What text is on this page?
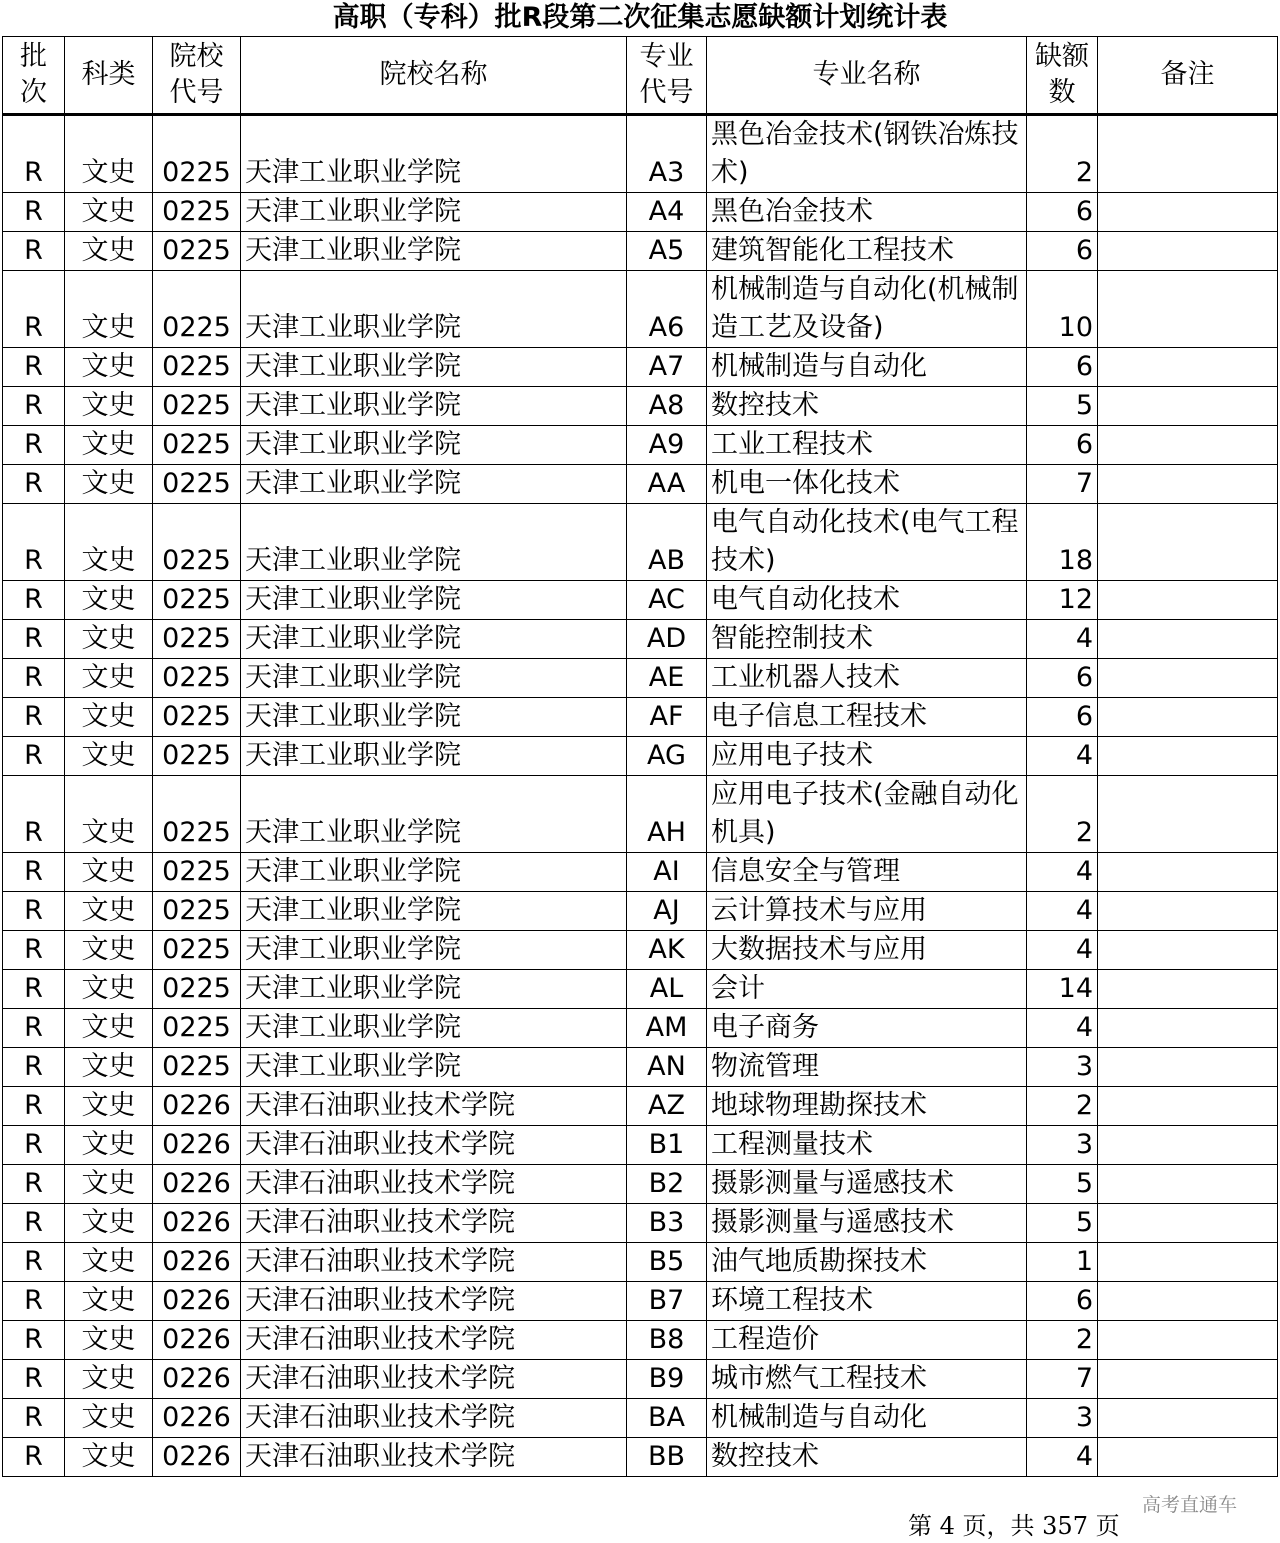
高职（专科）批R段第二次征集志愿缺额计划统计表
批次	科类	院校代号	院校名称	专业代号	专业名称	缺额数	备注
R	文史	0225	天津工业职业学院	A3	黑色冶金技术(钢铁冶炼技术)	2	
R	文史	0225	天津工业职业学院	A4	黑色冶金技术	6	
R	文史	0225	天津工业职业学院	A5	建筑智能化工程技术	6	
R	文史	0225	天津工业职业学院	A6	机械制造与自动化(机械制造工艺及设备)	10	
R	文史	0225	天津工业职业学院	A7	机械制造与自动化	6	
R	文史	0225	天津工业职业学院	A8	数控技术	5	
R	文史	0225	天津工业职业学院	A9	工业工程技术	6	
R	文史	0225	天津工业职业学院	AA	机电一体化技术	7	
R	文史	0225	天津工业职业学院	AB	电气自动化技术(电气工程技术)	18	
R	文史	0225	天津工业职业学院	AC	电气自动化技术	12	
R	文史	0225	天津工业职业学院	AD	智能控制技术	4	
R	文史	0225	天津工业职业学院	AE	工业机器人技术	6	
R	文史	0225	天津工业职业学院	AF	电子信息工程技术	6	
R	文史	0225	天津工业职业学院	AG	应用电子技术	4	
R	文史	0225	天津工业职业学院	AH	应用电子技术(金融自动化机具)	2	
R	文史	0225	天津工业职业学院	AI	信息安全与管理	4	
R	文史	0225	天津工业职业学院	AJ	云计算技术与应用	4	
R	文史	0225	天津工业职业学院	AK	大数据技术与应用	4	
R	文史	0225	天津工业职业学院	AL	会计	14	
R	文史	0225	天津工业职业学院	AM	电子商务	4	
R	文史	0225	天津工业职业学院	AN	物流管理	3	
R	文史	0226	天津石油职业技术学院	AZ	地球物理勘探技术	2	
R	文史	0226	天津石油职业技术学院	B1	工程测量技术	3	
R	文史	0226	天津石油职业技术学院	B2	摄影测量与遥感技术	5	
R	文史	0226	天津石油职业技术学院	B3	摄影测量与遥感技术	5	
R	文史	0226	天津石油职业技术学院	B5	油气地质勘探技术	1	
R	文史	0226	天津石油职业技术学院	B7	环境工程技术	6	
R	文史	0226	天津石油职业技术学院	B8	工程造价	2	
R	文史	0226	天津石油职业技术学院	B9	城市燃气工程技术	7	
R	文史	0226	天津石油职业技术学院	BA	机械制造与自动化	3	
R	文史	0226	天津石油职业技术学院	BB	数控技术	4	
第 4 页，共 357 页
高考直通车
